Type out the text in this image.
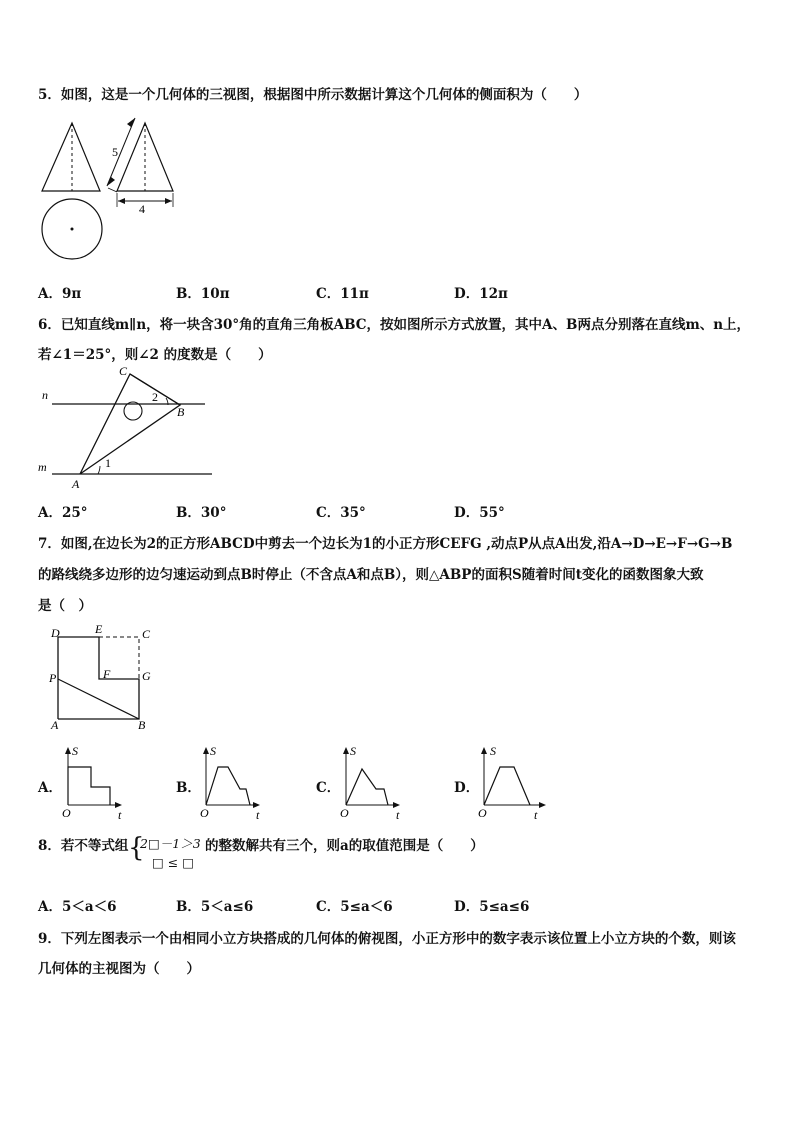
5．如图，这是一个几何体的三视图，根据图中所示数据计算这个几何体的侧面积为（　　）
5
4
A．9π	B．10π	C．11π	D．12π
6．已知直线m∥n，将一块含30°角的直角三角板ABC，按如图所示方式放置，其中A、B两点分别落在直线m、n上，
若∠1＝25°，则∠2 的度数是（　　）
n
m
C
B
A
1
2
A．25°	B．30°	C．35°	D．55°
7．如图,在边长为2的正方形ABCD中剪去一个边长为1的小正方形CEFG ,动点P从点A出发,沿A→D→E→F→G→B
的路线绕多边形的边匀速运动到点B时停止（不含点A和点B），则△ABP的面积S随着时间t变化的函数图象大致
是（　）
D	E	C
F	G
P
A	B
A．
S
t
O
B．
S
t
O
C．
S
t
O
D．
S
t
O
8．若不等式组 {
2□－1＞3
□ ≤ □
的整数解共有三个，则a的取值范围是（　　）
A．5＜a＜6	B．5＜a≤6	C．5≤a＜6	D．5≤a≤6
9．下列左图表示一个由相同小立方块搭成的几何体的俯视图，小正方形中的数字表示该位置上小立方块的个数，则该
几何体的主视图为（　　）
